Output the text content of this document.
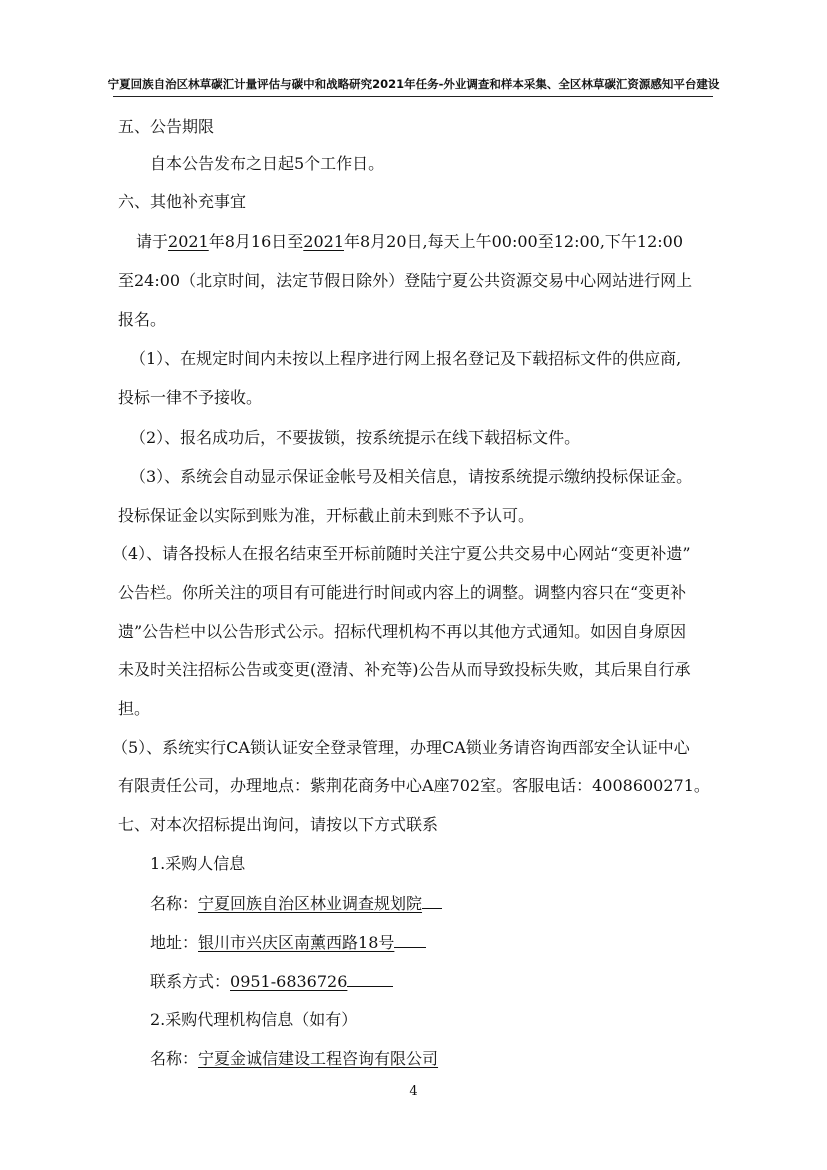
宁夏回族自治区林草碳汇计量评估与碳中和战略研究2021年任务-外业调查和样本采集、全区林草碳汇资源感知平台建设
五、公告期限
自本公告发布之日起5个工作日。
六、其他补充事宜
请于2021年8月16日至2021年8月20日,每天上午00:00至12:00,下午12:00
至24:00（北京时间，法定节假日除外）登陆宁夏公共资源交易中心网站进行网上
报名。
（1）、在规定时间内未按以上程序进行网上报名登记及下载招标文件的供应商,
投标一律不予接收。
（2）、报名成功后，不要拔锁，按系统提示在线下载招标文件。
（3）、系统会自动显示保证金帐号及相关信息，请按系统提示缴纳投标保证金。
投标保证金以实际到账为准，开标截止前未到账不予认可。
（4）、请各投标人在报名结束至开标前随时关注宁夏公共交易中心网站“变更补遗”
公告栏。你所关注的项目有可能进行时间或内容上的调整。调整内容只在“变更补
遗”公告栏中以公告形式公示。招标代理机构不再以其他方式通知。如因自身原因
未及时关注招标公告或变更(澄清、补充等)公告从而导致投标失败，其后果自行承
担。
（5）、系统实行CA锁认证安全登录管理，办理CA锁业务请咨询西部安全认证中心
有限责任公司，办理地点：紫荆花商务中心A座702室。客服电话：4008600271。
七、对本次招标提出询问，请按以下方式联系
1.采购人信息
名称：宁夏回族自治区林业调查规划院
地址：银川市兴庆区南薰西路18号
联系方式：0951-6836726
2.采购代理机构信息（如有）
名称：宁夏金诚信建设工程咨询有限公司
4
